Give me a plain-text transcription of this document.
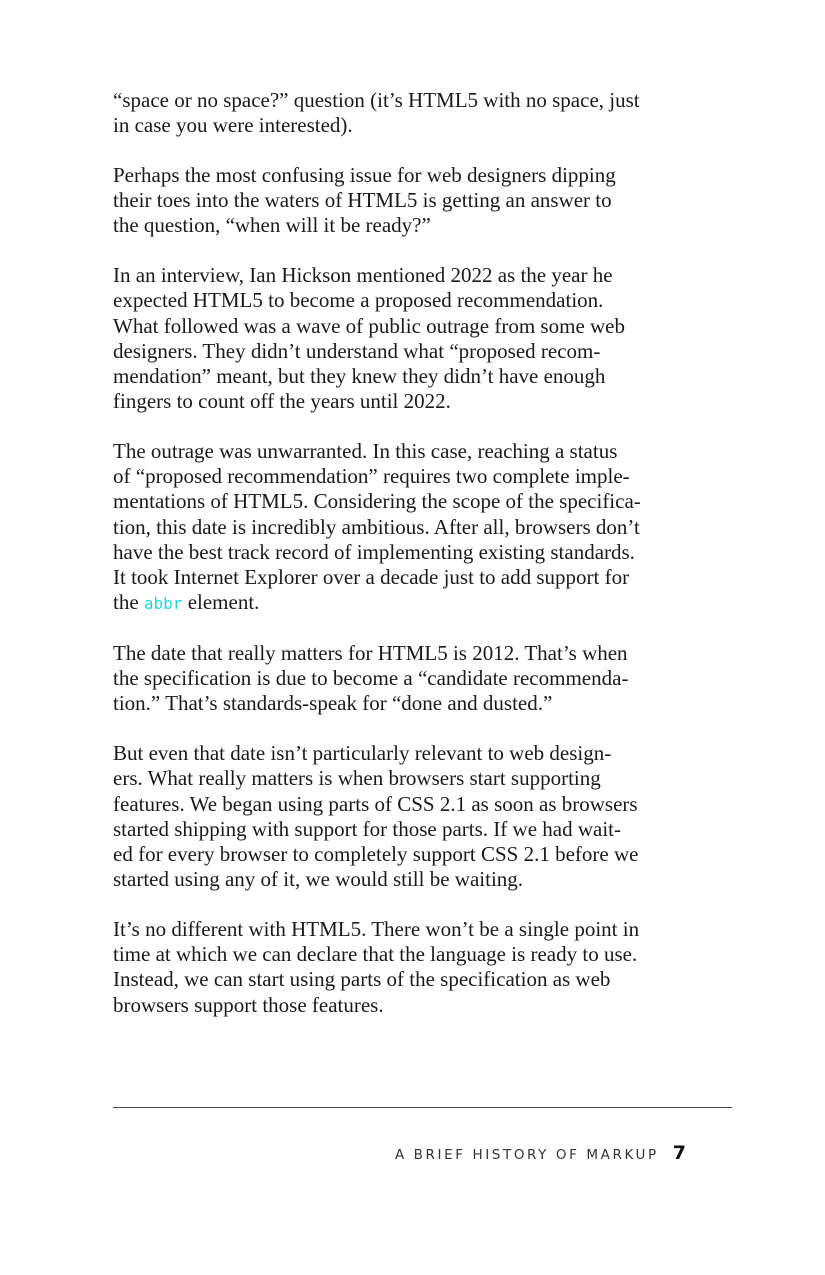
“space or no space?” question (it’s HTML5 with no space, just
in case you were interested).

Perhaps the most confusing issue for web designers dipping
their toes into the waters of HTML5 is getting an answer to
the question, “when will it be ready?”

In an interview, Ian Hickson mentioned 2022 as the year he
expected HTML5 to become a proposed recommendation.
What followed was a wave of public outrage from some web
designers. They didn’t understand what “proposed recom-
mendation” meant, but they knew they didn’t have enough
fingers to count off the years until 2022.

The outrage was unwarranted. In this case, reaching a status
of “proposed recommendation” requires two complete imple-
mentations of HTML5. Considering the scope of the specifica-
tion, this date is incredibly ambitious. After all, browsers don’t
have the best track record of implementing existing standards.
It took Internet Explorer over a decade just to add support for
the abbr element.

The date that really matters for HTML5 is 2012. That’s when
the specification is due to become a “candidate recommenda-
tion.” That’s standards-speak for “done and dusted.”

But even that date isn’t particularly relevant to web design-
ers. What really matters is when browsers start supporting
features. We began using parts of CSS 2.1 as soon as browsers
started shipping with support for those parts. If we had wait-
ed for every browser to completely support CSS 2.1 before we
started using any of it, we would still be waiting.

It’s no different with HTML5. There won’t be a single point in
time at which we can declare that the language is ready to use.
Instead, we can start using parts of the specification as web
browsers support those features.

A BRIEF HISTORY OF MARKUP 7
